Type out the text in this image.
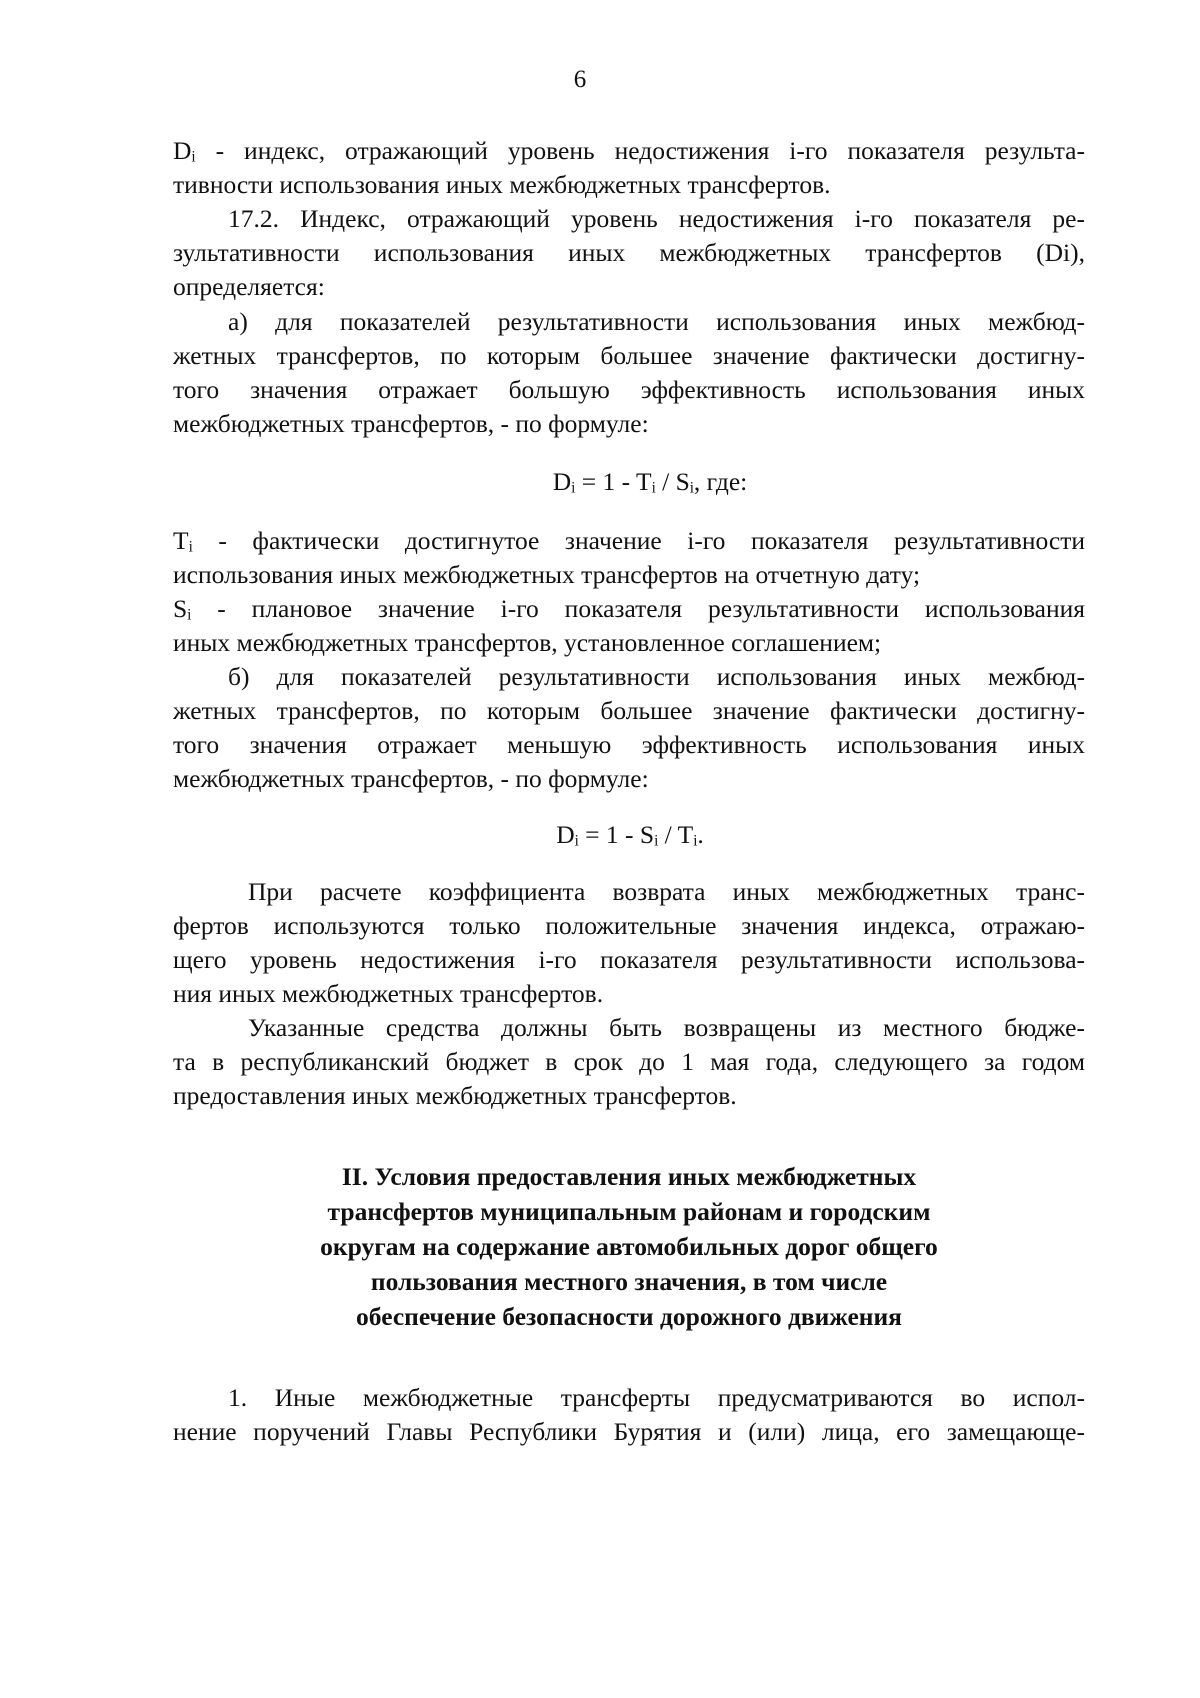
6
Dᵢ - индекс, отражающий уровень недостижения i-го показателя результа-
тивности использования иных межбюджетных трансфертов.
17.2. Индекс, отражающий уровень недостижения i-го показателя ре-
зультативности использования иных межбюджетных трансфертов (Di),
определяется:
а) для показателей результативности использования иных межбюд-
жетных трансфертов, по которым большее значение фактически достигну-
того значения отражает большую эффективность использования иных
межбюджетных трансфертов, - по формуле:
Dᵢ = 1 - Tᵢ / Sᵢ, где:
Tᵢ - фактически достигнутое значение i-го показателя результативности
использования иных межбюджетных трансфертов на отчетную дату;
Sᵢ - плановое значение i-го показателя результативности использования
иных межбюджетных трансфертов, установленное соглашением;
б) для показателей результативности использования иных межбюд-
жетных трансфертов, по которым большее значение фактически достигну-
того значения отражает меньшую эффективность использования иных
межбюджетных трансфертов, - по формуле:
Dᵢ = 1 - Sᵢ / Tᵢ.
При расчете коэффициента возврата иных межбюджетных транс-
фертов используются только положительные значения индекса, отражаю-
щего уровень недостижения i-го показателя результативности использова-
ния иных межбюджетных трансфертов.
Указанные средства должны быть возвращены из местного бюдже-
та в республиканский бюджет в срок до 1 мая года, следующего за годом
предоставления иных межбюджетных трансфертов.
II. Условия предоставления иных межбюджетных
трансфертов муниципальным районам и городским
округам на содержание автомобильных дорог общего
пользования местного значения, в том числе
обеспечение безопасности дорожного движения
1. Иные межбюджетные трансферты предусматриваются во испол-
нение поручений Главы Республики Бурятия и (или) лица, его замещающе-
